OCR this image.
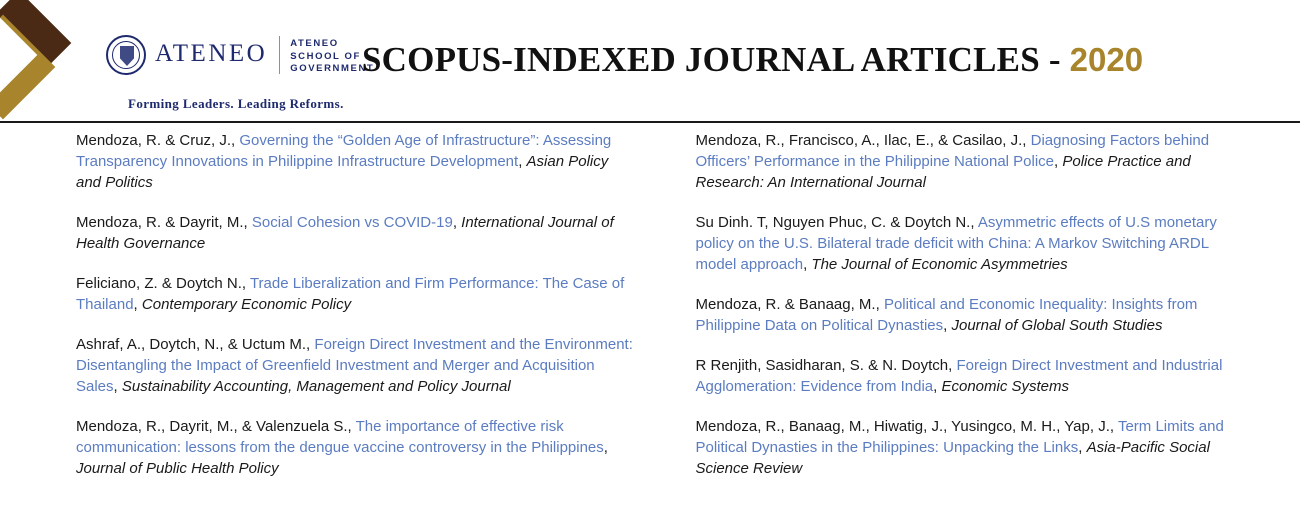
ATENEO ATENEO
SCHOOL OF
GOVERNMENT
Forming Leaders. Leading Reforms.
SCOPUS-INDEXED JOURNAL ARTICLES - 2020
Mendoza, R. & Cruz, J., Governing the “Golden Age of Infrastructure”: Assessing Transparency Innovations in Philippine Infrastructure Development, Asian Policy and Politics
Mendoza, R. & Dayrit, M., Social Cohesion vs COVID-19, International Journal of Health Governance
Feliciano, Z. & Doytch N., Trade Liberalization and Firm Performance: The Case of Thailand, Contemporary Economic Policy
Ashraf, A., Doytch, N., & Uctum M., Foreign Direct Investment and the Environment: Disentangling the Impact of Greenfield Investment and Merger and Acquisition Sales, Sustainability Accounting, Management and Policy Journal
Mendoza, R., Dayrit, M., & Valenzuela S., The importance of effective risk communication: lessons from the dengue vaccine controversy in the Philippines, Journal of Public Health Policy
Mendoza, R., Francisco, A., Ilac, E., & Casilao, J., Diagnosing Factors behind Officers’ Performance in the Philippine National Police, Police Practice and Research: An International Journal
Su Dinh. T, Nguyen Phuc, C. & Doytch N., Asymmetric effects of U.S monetary policy on the U.S. Bilateral trade deficit with China: A Markov Switching ARDL model approach, The Journal of Economic Asymmetries
Mendoza, R. & Banaag, M., Political and Economic Inequality: Insights from Philippine Data on Political Dynasties, Journal of Global South Studies
R Renjith, Sasidharan, S. & N. Doytch, Foreign Direct Investment and Industrial Agglomeration: Evidence from India, Economic Systems
Mendoza, R., Banaag, M., Hiwatig, J., Yusingco, M. H., Yap, J., Term Limits and Political Dynasties in the Philippines: Unpacking the Links, Asia-Pacific Social Science Review
